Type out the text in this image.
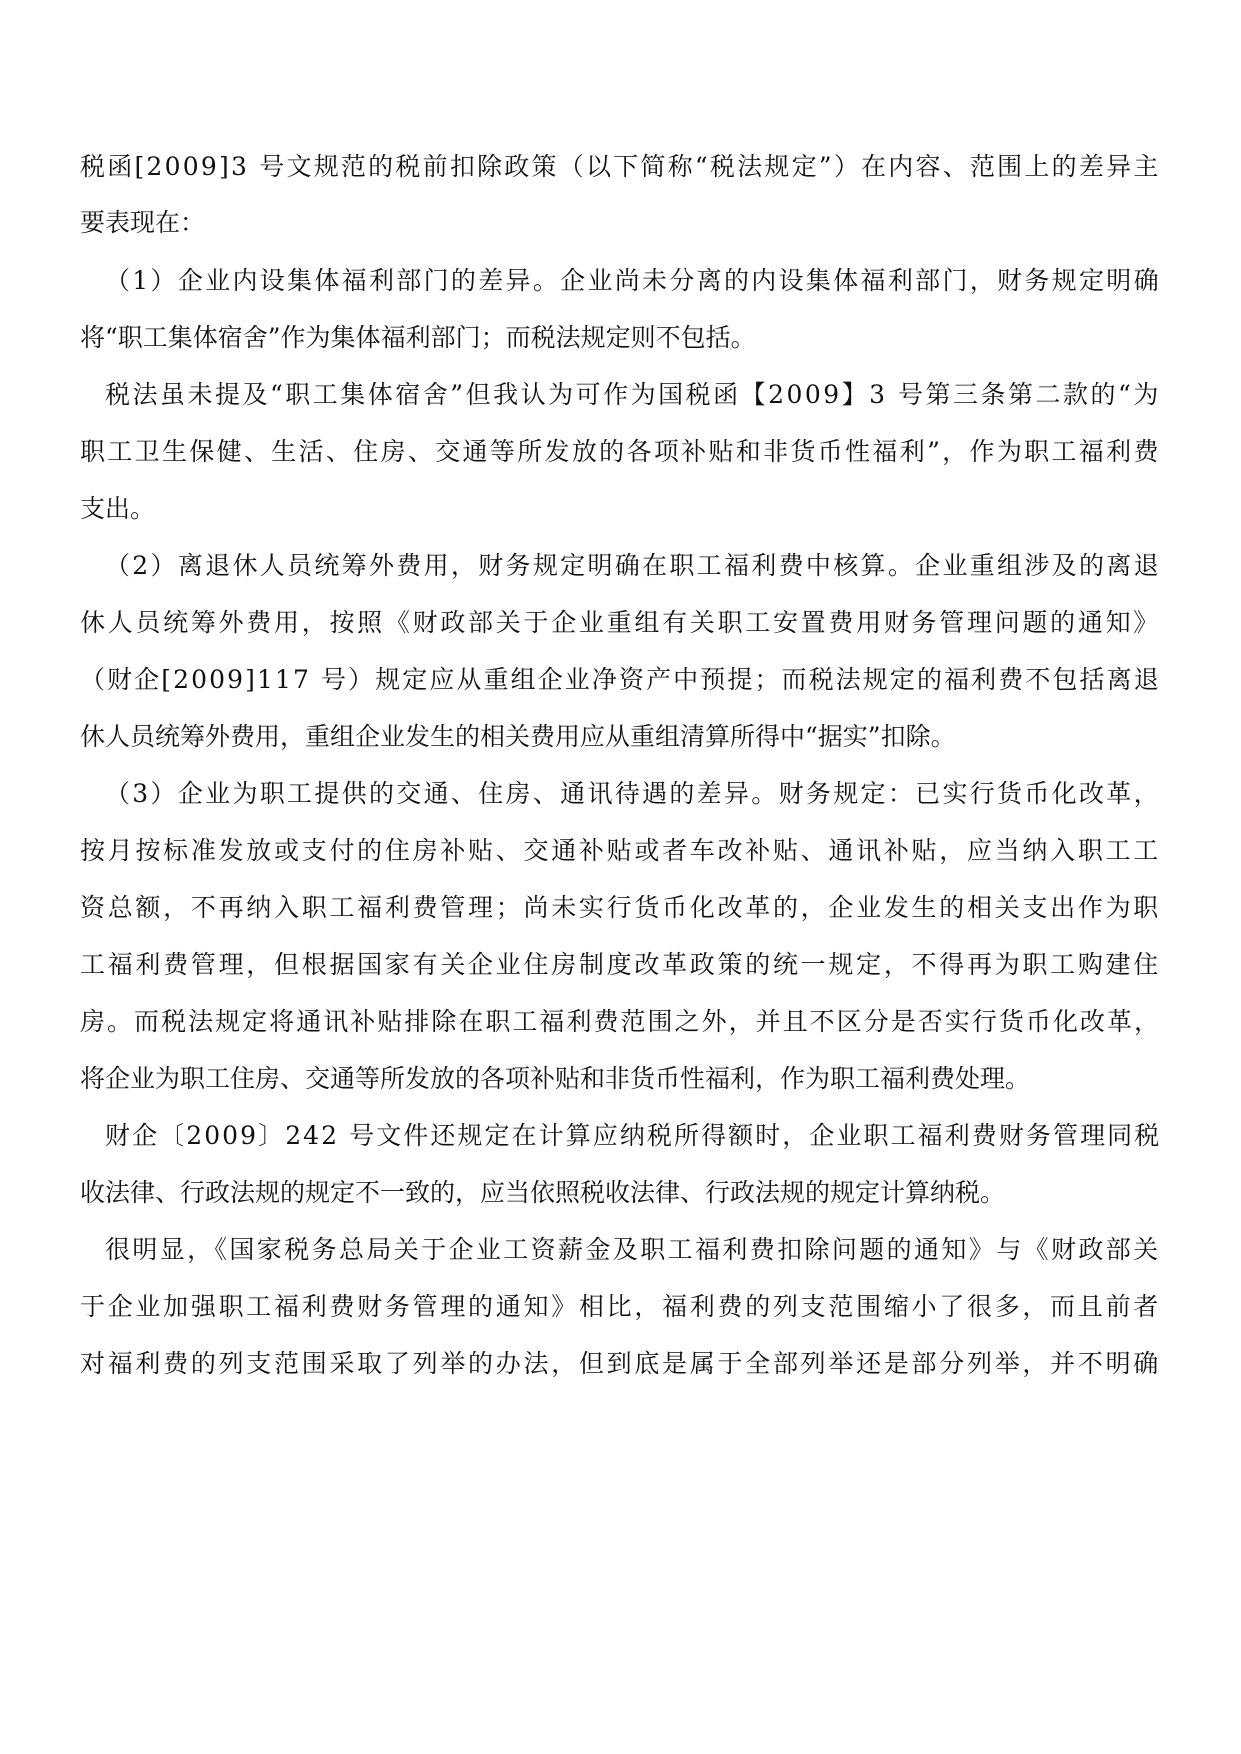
税函[2009]3 号文规范的税前扣除政策（以下简称“税法规定”）在内容、范围上的差异主
要表现在：
（1）企业内设集体福利部门的差异。企业尚未分离的内设集体福利部门，财务规定明确
将“职工集体宿舍”作为集体福利部门；而税法规定则不包括。
税法虽未提及“职工集体宿舍”但我认为可作为国税函【2009】3 号第三条第二款的“为
职工卫生保健、生活、住房、交通等所发放的各项补贴和非货币性福利”，作为职工福利费
支出。
（2）离退休人员统筹外费用，财务规定明确在职工福利费中核算。企业重组涉及的离退
休人员统筹外费用，按照《财政部关于企业重组有关职工安置费用财务管理问题的通知》
（财企[2009]117 号）规定应从重组企业净资产中预提；而税法规定的福利费不包括离退
休人员统筹外费用，重组企业发生的相关费用应从重组清算所得中“据实”扣除。
（3）企业为职工提供的交通、住房、通讯待遇的差异。财务规定：已实行货币化改革，
按月按标准发放或支付的住房补贴、交通补贴或者车改补贴、通讯补贴，应当纳入职工工
资总额，不再纳入职工福利费管理；尚未实行货币化改革的，企业发生的相关支出作为职
工福利费管理，但根据国家有关企业住房制度改革政策的统一规定，不得再为职工购建住
房。而税法规定将通讯补贴排除在职工福利费范围之外，并且不区分是否实行货币化改革，
将企业为职工住房、交通等所发放的各项补贴和非货币性福利，作为职工福利费处理。
财企〔2009〕242 号文件还规定在计算应纳税所得额时，企业职工福利费财务管理同税
收法律、行政法规的规定不一致的，应当依照税收法律、行政法规的规定计算纳税。
很明显，《国家税务总局关于企业工资薪金及职工福利费扣除问题的通知》与《财政部关
于企业加强职工福利费财务管理的通知》相比，福利费的列支范围缩小了很多，而且前者
对福利费的列支范围采取了列举的办法，但到底是属于全部列举还是部分列举，并不明确
